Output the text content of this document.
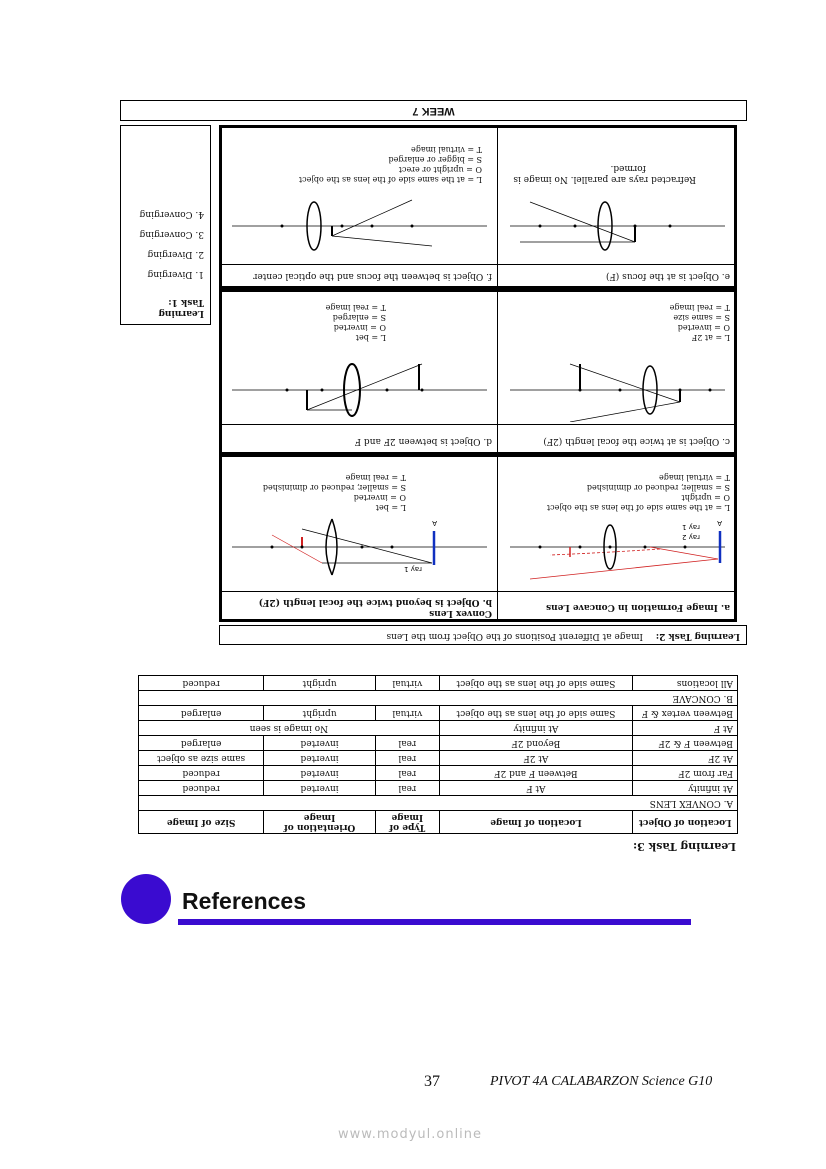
Learning Task 3:
Location of Object	Location of Image	Type of Image	Orientation of Image	Size of Image
A. CONVEX LENS				
At infinity	At F	real	inverted	reduced
Far from 2F	Between F and 2F	real	inverted	reduced
At 2F	At 2F	real	inverted	same size as object
Between F & 2F	Beyond 2F	real	inverted	enlarged
At F	At infinity	No image is seen		
Between vertex & F	Same side of the lens as the object	virtual	upright	enlarged
B. CONCAVE				
All locations	Same side of the lens as the object	virtual	upright	reduced
Learning Task 2:
Image at Different Positions of the Object from the Lens
a. Image Formation in Concave Lens
Convex Lens
b. Object is beyond twice the focal length (2F)
c. Object is at twice the focal length (2F)
d. Object is between 2F and F
e. Object is at the focus (F)
f. Object is between the focus and the optical center
A
ray 1
ray 2
L = at the same side of the lens as the object
O = upright
S = smaller, reduced or diminished
T = virtual image
A
ray 1
L = bet
O = inverted
S = smaller, reduced or diminished
T = real image
L = at 2F
O = inverted
S = same size
T = real image
L = bet
O = inverted
S = enlarged
T = real image
Refracted rays are parallel. No image is
formed.
L = at the same side of the lens as the object
O = upright or erect
S = bigger or enlarged
T = virtual image
Learning Task 1:
1. Diverging
2. Diverging
3. Converging
4. Converging
WEEK 7
References
37	PIVOT 4A CALABARZON Science G10
www.modyul.online
